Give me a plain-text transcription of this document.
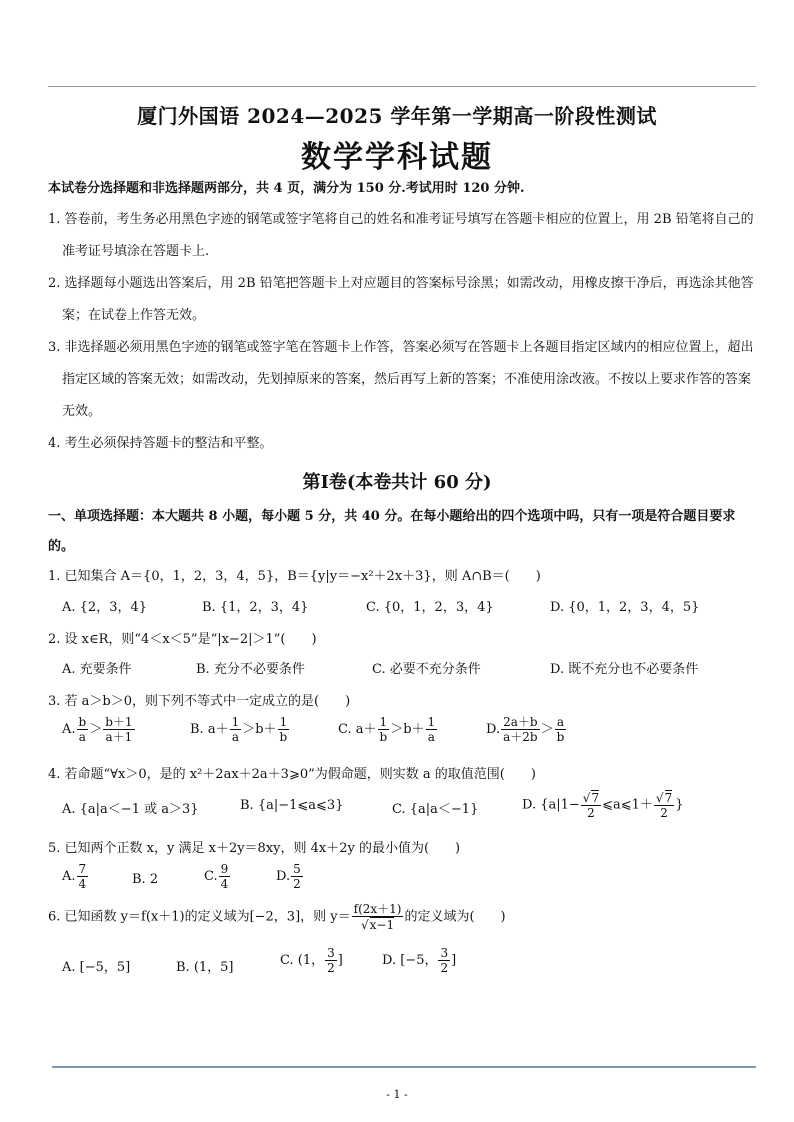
厦门外国语 2024—2025 学年第一学期高一阶段性测试
数学学科试题
本试卷分选择题和非选择题两部分，共 4 页，满分为 150 分.考试用时 120 分钟.
1. 答卷前，考生务必用黑色字迹的钢笔或签字笔将自己的姓名和准考证号填写在答题卡相应的位置上，用 2B 铅笔将自己的准考证号填涂在答题卡上.
2. 选择题每小题选出答案后，用 2B 铅笔把答题卡上对应题目的答案标号涂黑；如需改动，用橡皮擦干净后，再选涂其他答案；在试卷上作答无效。
3. 非选择题必须用黑色字迹的钢笔或签字笔在答题卡上作答，答案必须写在答题卡上各题目指定区域内的相应位置上，超出指定区域的答案无效；如需改动，先划掉原来的答案，然后再写上新的答案；不准使用涂改液。不按以上要求作答的答案无效。
4. 考生必须保持答题卡的整洁和平整。
第Ⅰ卷(本卷共计 60 分)
一、单项选择题：本大题共 8 小题，每小题 5 分，共 40 分。在每小题给出的四个选项中吗，只有一项是符合题目要求的。
1. 已知集合 A＝{0，1，2，3，4，5}，B＝{y|y＝−x²＋2x＋3}，则 A∩B＝(　　)
A. {2，3，4}	B. {1，2，3，4}	C. {0，1，2，3，4}	D. {0，1，2，3，4，5}
2. 设 x∈R，则“4＜x＜5”是“|x−2|＞1”(　　)
A. 充要条件	B. 充分不必要条件	C. 必要不充分条件	D. 既不充分也不必要条件
3. 若 a＞b＞0，则下列不等式中一定成立的是(　　)
A. $\frac{b}{a} > \frac{b+1}{a+1}$	B. $a+ \frac{1}{a} >b+ \frac{1}{b}$	C. $a+ \frac{1}{b} >b+ \frac{1}{a}$	D. $\frac{2a+b}{a+2b} > \frac{a}{b}$
4. 若命题“∀x＞0，是的 x²＋2ax＋2a＋3⩾0”为假命题，则实数 a 的取值范围(　　)
A. {a|a＜−1 或 a＞3}	B. {a|−1⩽a⩽3}	C. {a|a＜−1}	D. {$a|1- \frac{√7}{2}$ ⩽a⩽1＋ $\frac{√7}{2}$ }
5. 已知两个正数 x，y 满足 x＋2y＝8xy，则 4x＋2y 的最小值为(　　)
A. $\frac{7}{4}$	B. 2	C. $\frac{9}{4}$	D. $\frac{5}{2}$
6. 已知函数 y＝f(x＋1)的定义域为[−2，3]，则 $y= \frac{f(2x+1)}{√x-1}$ 的定义域为(　　)
A. [−5，5]	B. (1，5]	C. (1， $\frac{3}{2}$ ]	D. [−5， $\frac{3}{2}$ ]
- 1 -
